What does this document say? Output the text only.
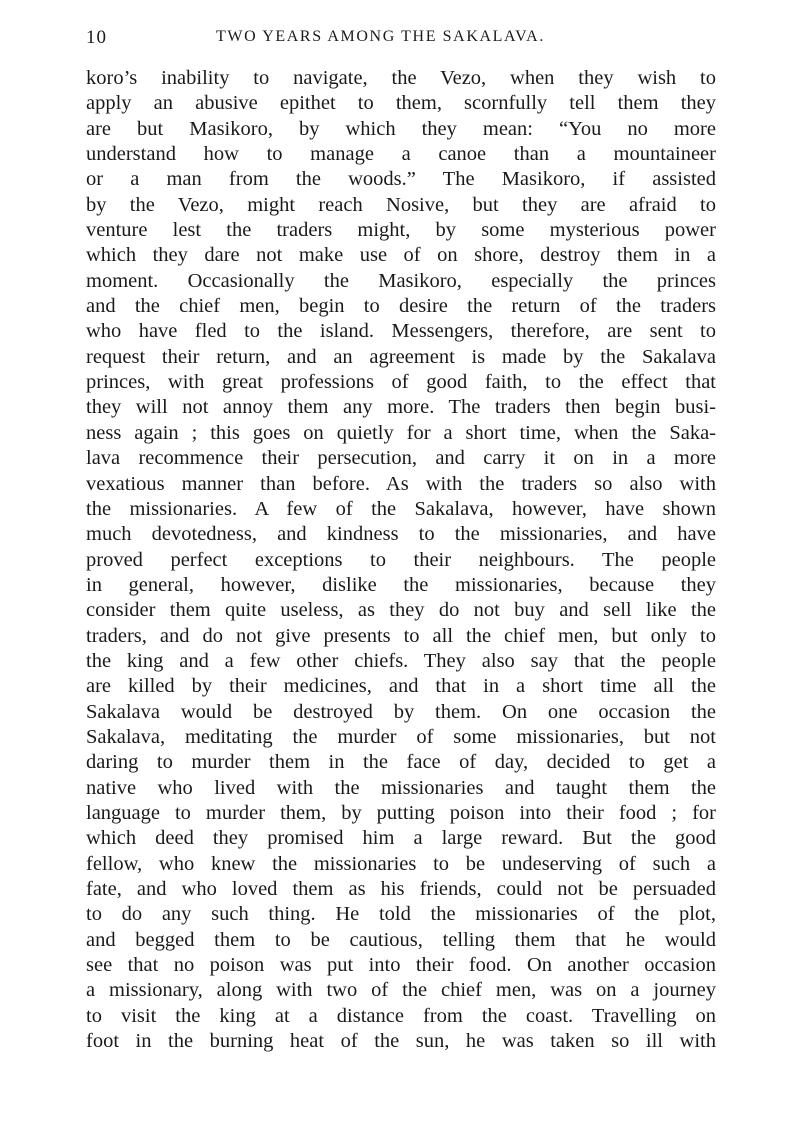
10	TWO YEARS AMONG THE SAKALAVA.
koro’s inability to navigate, the Vezo, when they wish to
apply an abusive epithet to them, scornfully tell them they
are but Masikoro, by which they mean: “You no more
understand how to manage a canoe than a mountaineer
or a man from the woods.” The Masikoro, if assisted
by the Vezo, might reach Nosive, but they are afraid to
venture lest the traders might, by some mysterious power
which they dare not make use of on shore, destroy them in a
moment. Occasionally the Masikoro, especially the princes
and the chief men, begin to desire the return of the traders
who have fled to the island. Messengers, therefore, are sent to
request their return, and an agreement is made by the Sakalava
princes, with great professions of good faith, to the effect that
they will not annoy them any more. The traders then begin busi-
ness again ; this goes on quietly for a short time, when the Saka-
lava recommence their persecution, and carry it on in a more
vexatious manner than before. As with the traders so also with
the missionaries. A few of the Sakalava, however, have shown
much devotedness, and kindness to the missionaries, and have
proved perfect exceptions to their neighbours. The people
in general, however, dislike the missionaries, because they
consider them quite useless, as they do not buy and sell like the
traders, and do not give presents to all the chief men, but only to
the king and a few other chiefs. They also say that the people
are killed by their medicines, and that in a short time all the
Sakalava would be destroyed by them. On one occasion the
Sakalava, meditating the murder of some missionaries, but not
daring to murder them in the face of day, decided to get a
native who lived with the missionaries and taught them the
language to murder them, by putting poison into their food ; for
which deed they promised him a large reward. But the good
fellow, who knew the missionaries to be undeserving of such a
fate, and who loved them as his friends, could not be persuaded
to do any such thing. He told the missionaries of the plot,
and begged them to be cautious, telling them that he would
see that no poison was put into their food. On another occasion
a missionary, along with two of the chief men, was on a journey
to visit the king at a distance from the coast. Travelling on
foot in the burning heat of the sun, he was taken so ill with
